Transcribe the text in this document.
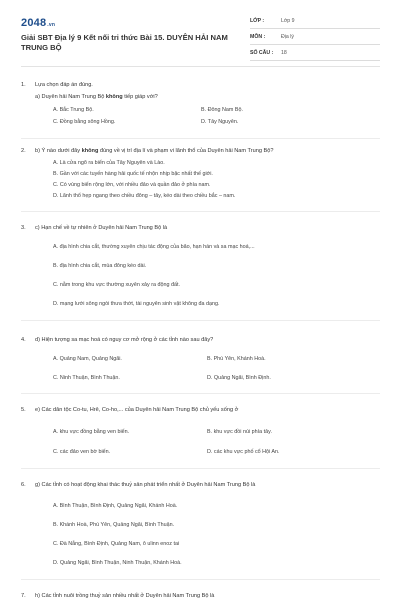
2048.vn
Giải SBT Địa lý 9 Kết nối tri thức Bài 15. DUYÊN HẢI NAM TRUNG BỘ
LỚP :	Lớp 9
MÔN :	Địa lý
SỐ CÂU :	18
1. Lựa chọn đáp án đúng.
a) Duyên hải Nam Trung Bộ không tiếp giáp với?
A. Bắc Trung Bộ.	B. Đông Nam Bộ.
C. Đồng bằng sông Hồng.	D. Tây Nguyên.
2. b) Ý nào dưới đây không đúng về vị trí địa lí và phạm vi lãnh thổ của Duyên hải Nam Trung Bộ?
A. Là cửa ngõ ra biển của Tây Nguyên và Lào.
B. Gần với các tuyến hàng hải quốc tế nhộn nhịp bậc nhất thế giới.
C. Có vùng biển rộng lớn, với nhiều đảo và quần đảo ở phía nam.
D. Lãnh thổ hẹp ngang theo chiều đông – tây, kéo dài theo chiều bắc – nam.
3. c) Hạn chế về tự nhiên ở Duyên hải Nam Trung Bộ là
A. địa hình chia cắt, thường xuyên chịu tác động của bão, hạn hán và sa mạc hoá,...
B. địa hình chia cắt, mùa đông kéo dài.
C. nằm trong khu vực thường xuyên xảy ra động đất.
D. mạng lưới sông ngòi thưa thớt, tài nguyên sinh vật không đa dạng.
4. d) Hiện tượng sa mạc hoá có nguy cơ mở rộng ở các tỉnh nào sau đây?
A. Quảng Nam, Quảng Ngãi.	B. Phú Yên, Khánh Hoà.
C. Ninh Thuận, Bình Thuận.	D. Quảng Ngãi, Bình Định.
5. e) Các dân tộc Co-tu, Hrê, Co-ho,... của Duyên hải Nam Trung Bộ chủ yếu sống ở
A. khu vực đồng bằng ven biển.	B. khu vực đồi núi phía tây.
C. các đảo ven bờ biển.	D. các khu vực phố cổ Hội An.
6. g) Các tỉnh có hoạt động khai thác thuỷ sản phát triển nhất ở Duyên hải Nam Trung Bộ là
A. Bình Thuận, Bình Định, Quảng Ngãi, Khánh Hoà.
B. Khánh Hoà, Phú Yên, Quảng Ngãi, Bình Thuận.
C. Đà Nẵng, Bình Định, Quảng Nam, ô ulinn enoz tai
D. Quảng Ngãi, Bình Thuận, Ninh Thuận, Khánh Hoà.
7. h) Các tỉnh nuôi trồng thuỷ sản nhiều nhất ở Duyên hải Nam Trung Bộ là
